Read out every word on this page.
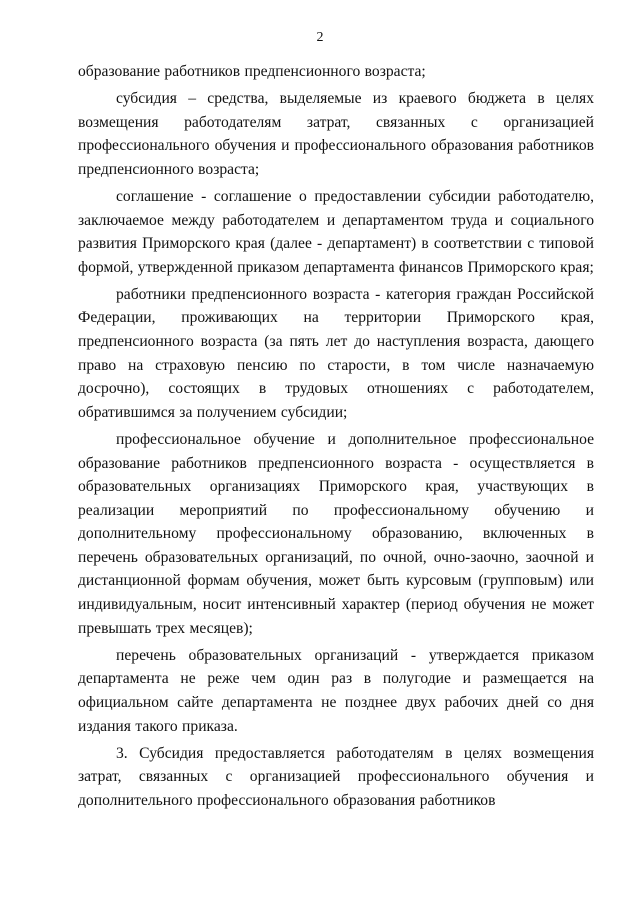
2

образование работников предпенсионного возраста;

субсидия – средства, выделяемые из краевого бюджета в целях возмещения работодателям затрат, связанных с организацией профессионального обучения и профессионального образования работников предпенсионного возраста;

соглашение - соглашение о предоставлении субсидии работодателю, заключаемое между работодателем и департаментом труда и социального развития Приморского края (далее - департамент) в соответствии с типовой формой, утвержденной приказом департамента финансов Приморского края;

работники предпенсионного возраста - категория граждан Российской Федерации, проживающих на территории Приморского края, предпенсионного возраста (за пять лет до наступления возраста, дающего право на страховую пенсию по старости, в том числе назначаемую досрочно), состоящих в трудовых отношениях с работодателем, обратившимся за получением субсидии;

профессиональное обучение и дополнительное профессиональное образование работников предпенсионного возраста - осуществляется в образовательных организациях Приморского края, участвующих в реализации мероприятий по профессиональному обучению и дополнительному профессиональному образованию, включенных в перечень образовательных организаций, по очной, очно-заочно, заочной и дистанционной формам обучения, может быть курсовым (групповым) или индивидуальным, носит интенсивный характер (период обучения не может превышать трех месяцев);

перечень образовательных организаций - утверждается приказом департамента не реже чем один раз в полугодие и размещается на официальном сайте департамента не позднее двух рабочих дней со дня издания такого приказа.

3. Субсидия предоставляется работодателям в целях возмещения затрат, связанных с организацией профессионального обучения и дополнительного профессионального образования работников
